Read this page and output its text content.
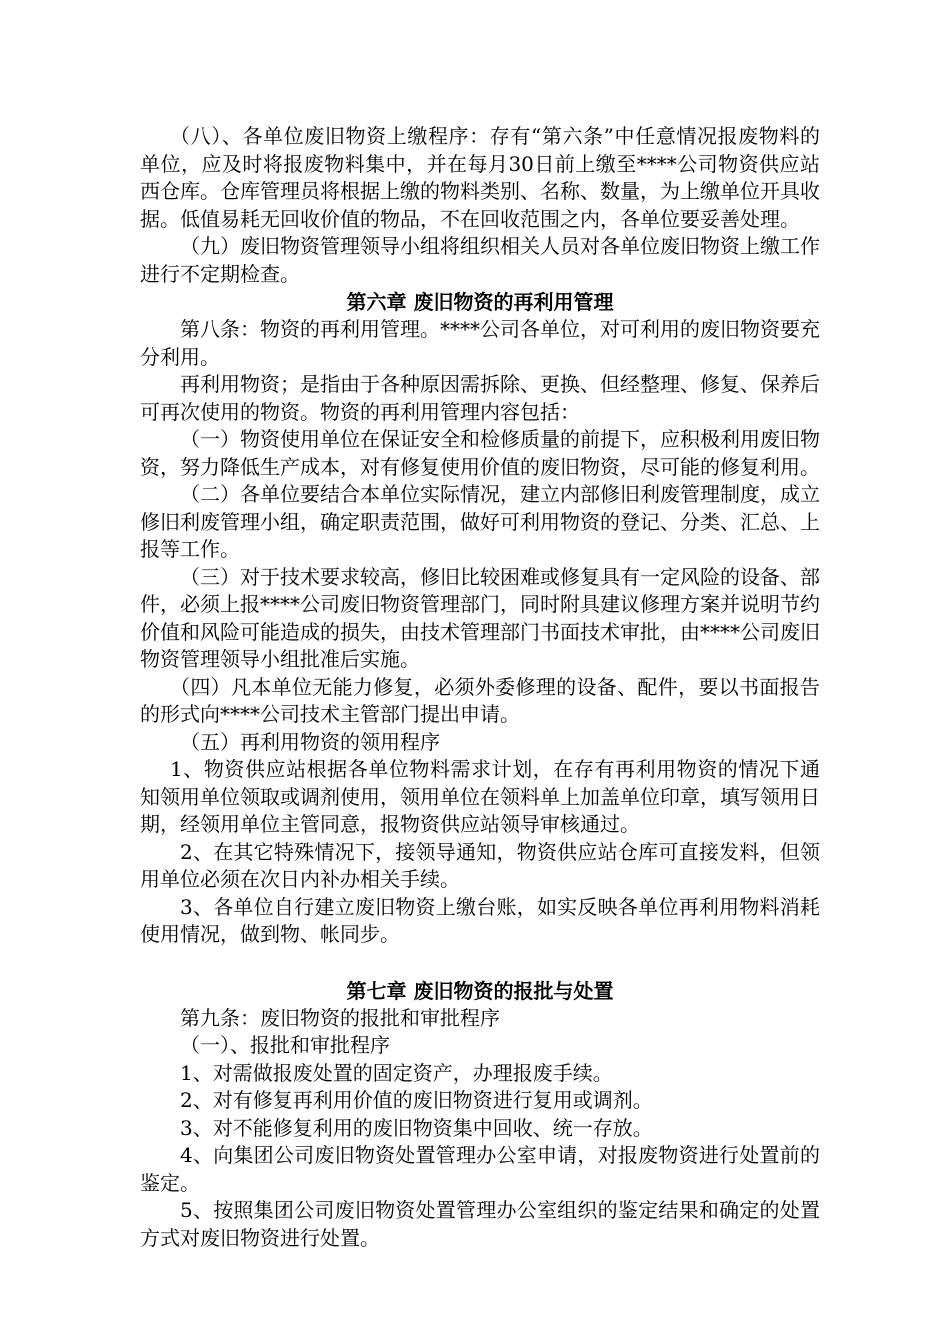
（八）、各单位废旧物资上缴程序：存有“第六条”中任意情况报废物料的单位，应及时将报废物料集中，并在每月30日前上缴至****公司物资供应站西仓库。仓库管理员将根据上缴的物料类别、名称、数量，为上缴单位开具收据。低值易耗无回收价值的物品，不在回收范围之内，各单位要妥善处理。

（九）废旧物资管理领导小组将组织相关人员对各单位废旧物资上缴工作进行不定期检查。

第六章 废旧物资的再利用管理

第八条：物资的再利用管理。****公司各单位，对可利用的废旧物资要充分利用。

再利用物资；是指由于各种原因需拆除、更换、但经整理、修复、保养后可再次使用的物资。物资的再利用管理内容包括：

（一）物资使用单位在保证安全和检修质量的前提下，应积极利用废旧物资，努力降低生产成本，对有修复使用价值的废旧物资，尽可能的修复利用。

（二）各单位要结合本单位实际情况，建立内部修旧利废管理制度，成立修旧利废管理小组，确定职责范围，做好可利用物资的登记、分类、汇总、上报等工作。

（三）对于技术要求较高，修旧比较困难或修复具有一定风险的设备、部件，必须上报****公司废旧物资管理部门，同时附具建议修理方案并说明节约价值和风险可能造成的损失，由技术管理部门书面技术审批，由****公司废旧物资管理领导小组批准后实施。

（四）凡本单位无能力修复，必须外委修理的设备、配件，要以书面报告的形式向****公司技术主管部门提出申请。

（五）再利用物资的领用程序

1、物资供应站根据各单位物料需求计划，在存有再利用物资的情况下通知领用单位领取或调剂使用，领用单位在领料单上加盖单位印章，填写领用日期，经领用单位主管同意，报物资供应站领导审核通过。

2、在其它特殊情况下，接领导通知，物资供应站仓库可直接发料，但领用单位必须在次日内补办相关手续。

3、各单位自行建立废旧物资上缴台账，如实反映各单位再利用物料消耗使用情况，做到物、帐同步。

第七章 废旧物资的报批与处置

第九条：废旧物资的报批和审批程序

（一）、报批和审批程序

1、对需做报废处置的固定资产，办理报废手续。

2、对有修复再利用价值的废旧物资进行复用或调剂。

3、对不能修复利用的废旧物资集中回收、统一存放。

4、向集团公司废旧物资处置管理办公室申请，对报废物资进行处置前的鉴定。

5、按照集团公司废旧物资处置管理办公室组织的鉴定结果和确定的处置方式对废旧物资进行处置。
